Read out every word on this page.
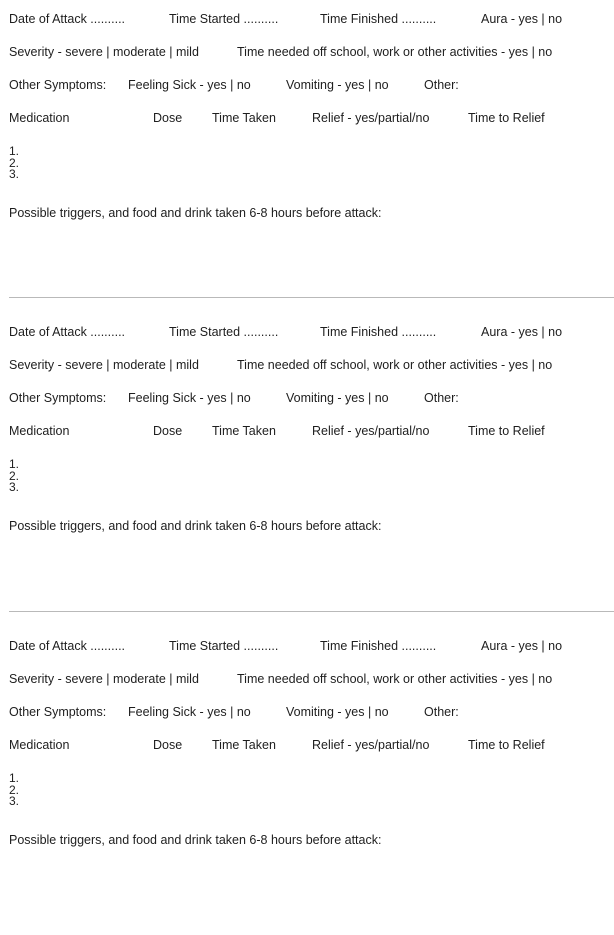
Date of Attack ..........	Time Started ..........	Time Finished ..........	Aura - yes | no
Severity - severe | moderate | mild	Time needed off school, work or other activities - yes | no
Other Symptoms: Feeling Sick - yes | no	Vomiting - yes | no	Other:
Medication	Dose Time Taken	Relief - yes/partial/no	Time to Relief
1.
2.
3.
Possible triggers, and food and drink taken 6-8 hours before attack:
Date of Attack ..........	Time Started ..........	Time Finished ..........	Aura - yes | no
Severity - severe | moderate | mild	Time needed off school, work or other activities - yes | no
Other Symptoms: Feeling Sick - yes | no	Vomiting - yes | no	Other:
Medication	Dose Time Taken	Relief - yes/partial/no	Time to Relief
1.
2.
3.
Possible triggers, and food and drink taken 6-8 hours before attack:
Date of Attack ..........	Time Started ..........	Time Finished ..........	Aura - yes | no
Severity - severe | moderate | mild	Time needed off school, work or other activities - yes | no
Other Symptoms: Feeling Sick - yes | no	Vomiting - yes | no	Other:
Medication	Dose Time Taken	Relief - yes/partial/no	Time to Relief
1.
2.
3.
Possible triggers, and food and drink taken 6-8 hours before attack:
